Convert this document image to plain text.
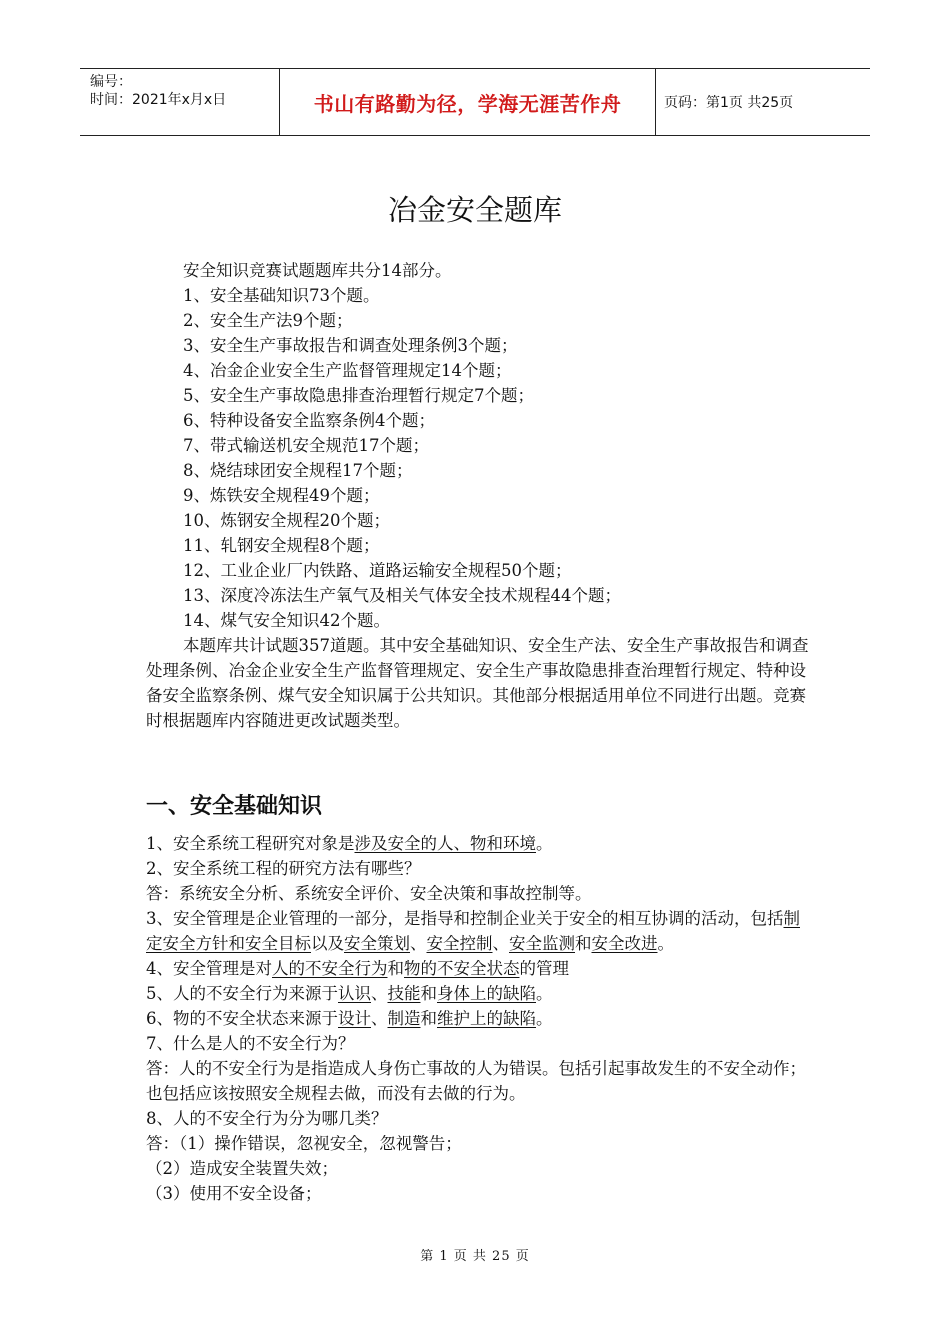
编号：
时间：2021年x月x日	书山有路勤为径，学海无涯苦作舟	页码：第1页 共25页
冶金安全题库

安全知识竞赛试题题库共分14部分。

1、安全基础知识73个题。

2、安全生产法9个题；

3、安全生产事故报告和调查处理条例3个题；

4、冶金企业安全生产监督管理规定14个题；

5、安全生产事故隐患排查治理暂行规定7个题；

6、特种设备安全监察条例4个题；

7、带式输送机安全规范17个题；

8、烧结球团安全规程17个题；

9、炼铁安全规程49个题；

10、炼钢安全规程20个题；

11、轧钢安全规程8个题；

12、工业企业厂内铁路、道路运输安全规程50个题；

13、深度冷冻法生产氧气及相关气体安全技术规程44个题；

14、煤气安全知识42个题。

本题库共计试题357道题。其中安全基础知识、安全生产法、安全生产事故报告和调查处理条例、冶金企业安全生产监督管理规定、安全生产事故隐患排查治理暂行规定、特种设备安全监察条例、煤气安全知识属于公共知识。其他部分根据适用单位不同进行出题。竞赛时根据题库内容随进更改试题类型。

一、安全基础知识

1、安全系统工程研究对象是涉及安全的人、物和环境。

2、安全系统工程的研究方法有哪些？

答：系统安全分析、系统安全评价、安全决策和事故控制等。

3、安全管理是企业管理的一部分，是指导和控制企业关于安全的相互协调的活动，包括制定安全方针和安全目标以及安全策划、安全控制、安全监测和安全改进。

4、安全管理是对人的不安全行为和物的不安全状态的管理

5、人的不安全行为来源于认识、技能和身体上的缺陷。

6、物的不安全状态来源于设计、制造和维护上的缺陷。

7、什么是人的不安全行为？

答：人的不安全行为是指造成人身伤亡事故的人为错误。包括引起事故发生的不安全动作；也包括应该按照安全规程去做，而没有去做的行为。

8、人的不安全行为分为哪几类？

答：（1）操作错误，忽视安全，忽视警告；

（2）造成安全装置失效；

（3）使用不安全设备；

第 1 页 共 25 页
